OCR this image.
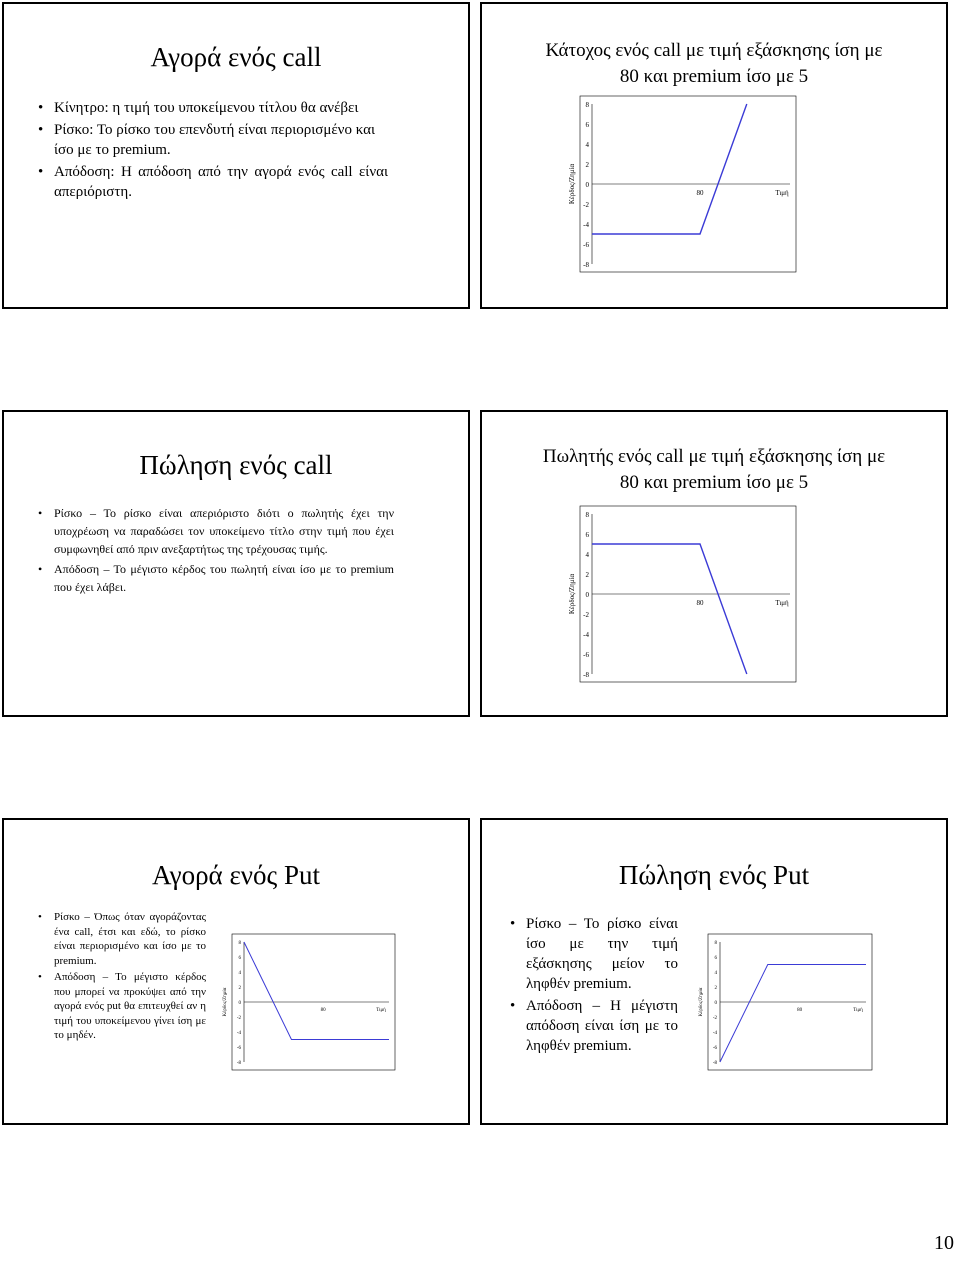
Αγορά ενός call
• Κίνητρο: η τιμή του υποκείμενου τίτλου θα ανέβει
• Ρίσκο: Το ρίσκο του επενδυτή είναι περιορισμένο και ίσο με το premium.
• Απόδοση: Η απόδοση από την αγορά ενός call είναι απεριόριστη.
Κάτοχος ενός call με τιμή εξάσκησης ίση με
80 και premium ίσο με 5
Κέρδος/Ζημία
8
6
4
2
0
-2
-4
-6
-8
80	Τιμή
Πώληση ενός call
• Ρίσκο – Το ρίσκο είναι απεριόριστο διότι ο πωλητής έχει την υποχρέωση να παραδώσει τον υποκείμενο τίτλο στην τιμή που έχει συμφωνηθεί από πριν ανεξαρτήτως της τρέχουσας τιμής.
• Απόδοση – Το μέγιστο κέρδος του πωλητή είναι ίσο με το premium που έχει λάβει.
Πωλητής ενός call με τιμή εξάσκησης ίση με
80 και premium ίσο με 5
Κέρδος/Ζημία
8
6
4
2
0
-2
-4
-6
-8
80	Τιμή
Αγορά ενός Put
• Ρίσκο – Όπως όταν αγοράζοντας ένα call, έτσι και εδώ, το ρίσκο είναι περιορισμένο και ίσο με το premium.
• Απόδοση – Το μέγιστο κέρδος που μπορεί να προκύψει από την αγορά ενός put θα επιτευχθεί αν η τιμή του υποκείμενου γίνει ίση με το μηδέν.
Κέρδος/Ζημία
8
6
4
2
0
-2
-4
-6
-8
80	Τιμή
Πώληση ενός Put
• Ρίσκο – Το ρίσκο είναι ίσο με την τιμή εξάσκησης μείον το ληφθέν premium.
• Απόδοση – Η μέγιστη απόδοση είναι ίση με το ληφθέν premium.
Κέρδος/Ζημία
8
6
4
2
0
-2
-4
-6
-8
80	Τιμή
10
